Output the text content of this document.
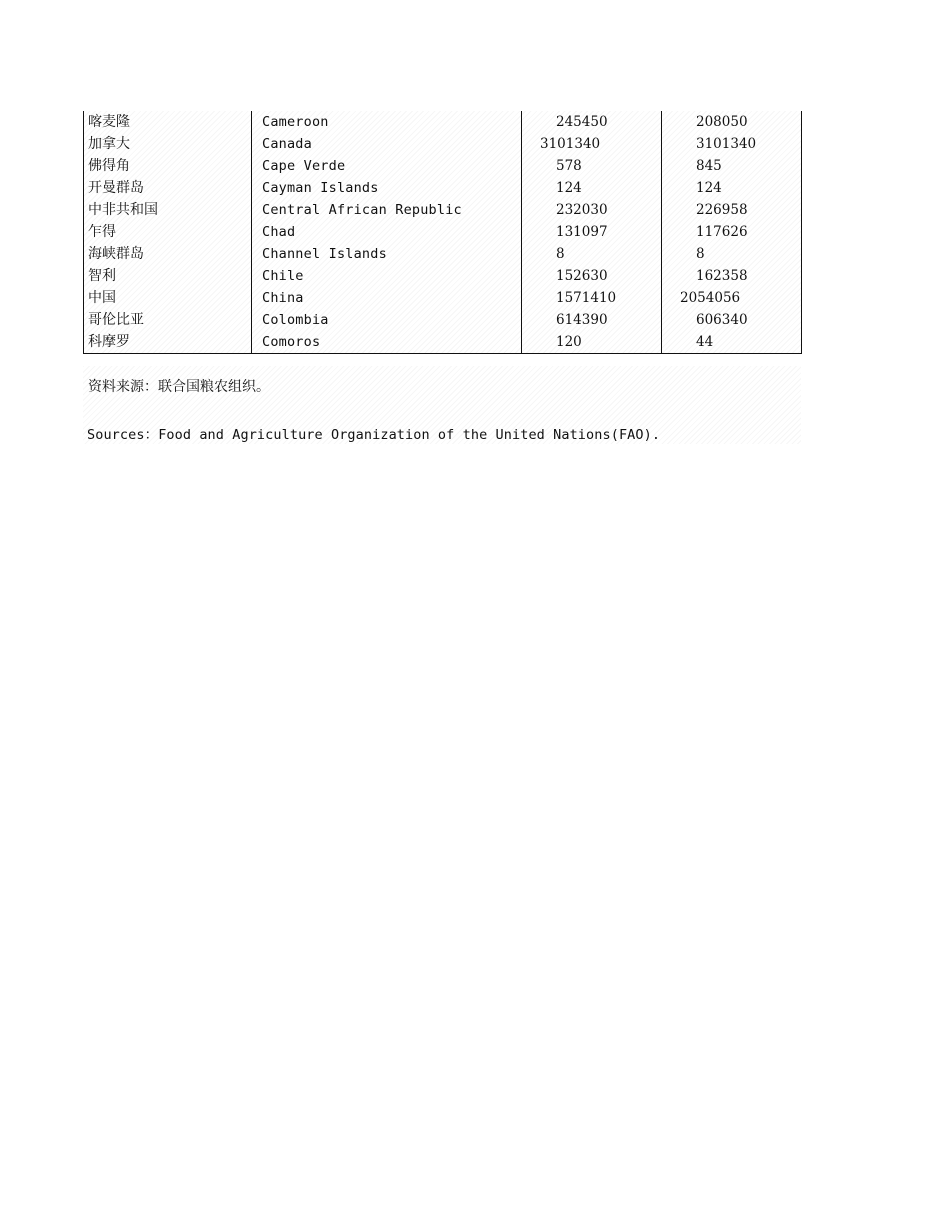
喀麦隆	Cameroon	245450	208050
加拿大	Canada	3101340	3101340
佛得角	Cape Verde	578	845
开曼群岛	Cayman Islands	124	124
中非共和国	Central African Republic	232030	226958
乍得	Chad	131097	117626
海峡群岛	Channel Islands	8	8
智利	Chile	152630	162358
中国	China	1571410	2054056
哥伦比亚	Colombia	614390	606340
科摩罗	Comoros	120	44
资料来源：联合国粮农组织。
Sources：Food and Agriculture Organization of the United Nations(FAO).
